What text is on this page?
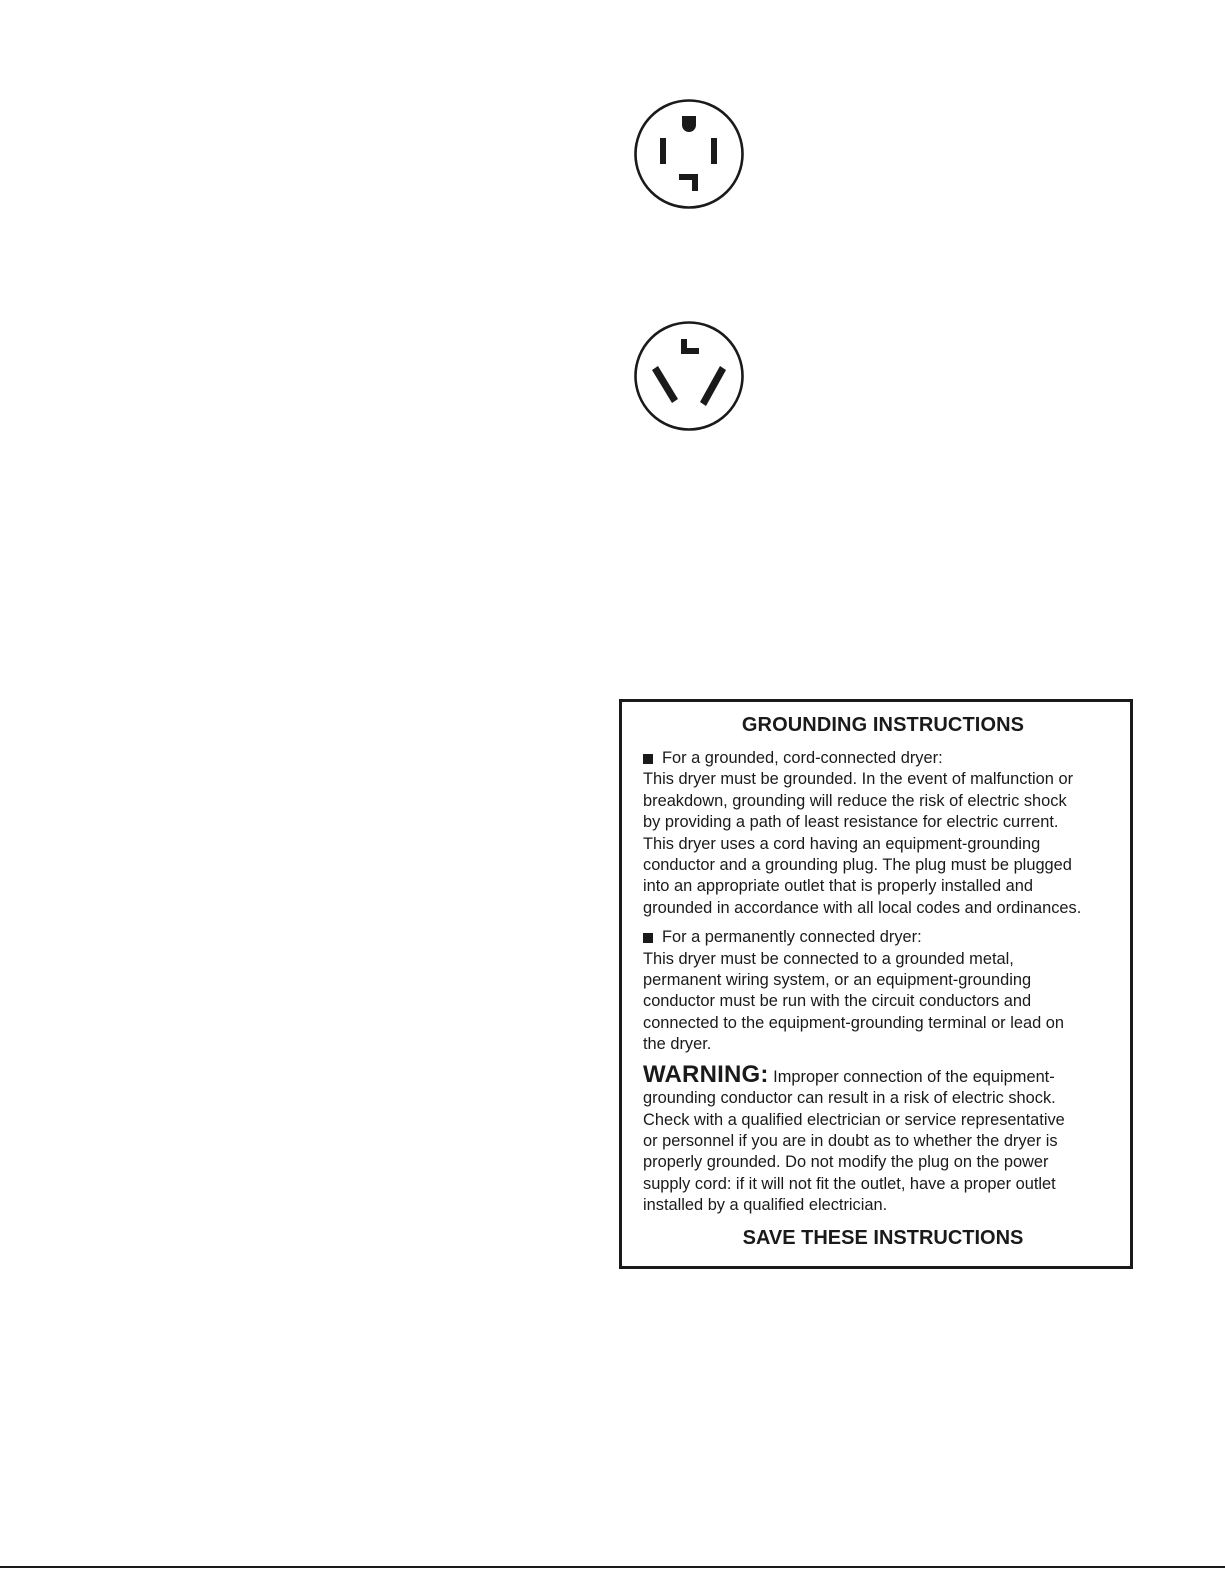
GROUNDING INSTRUCTIONS
For a grounded, cord-connected dryer:
This dryer must be grounded. In the event of malfunction or
breakdown, grounding will reduce the risk of electric shock
by providing a path of least resistance for electric current.
This dryer uses a cord having an equipment-grounding
conductor and a grounding plug. The plug must be plugged
into an appropriate outlet that is properly installed and
grounded in accordance with all local codes and ordinances.
For a permanently connected dryer:
This dryer must be connected to a grounded metal,
permanent wiring system, or an equipment-grounding
conductor must be run with the circuit conductors and
connected to the equipment-grounding terminal or lead on
the dryer.
WARNING: Improper connection of the equipment-
grounding conductor can result in a risk of electric shock.
Check with a qualified electrician or service representative
or personnel if you are in doubt as to whether the dryer is
properly grounded. Do not modify the plug on the power
supply cord: if it will not fit the outlet, have a proper outlet
installed by a qualified electrician.
SAVE THESE INSTRUCTIONS
